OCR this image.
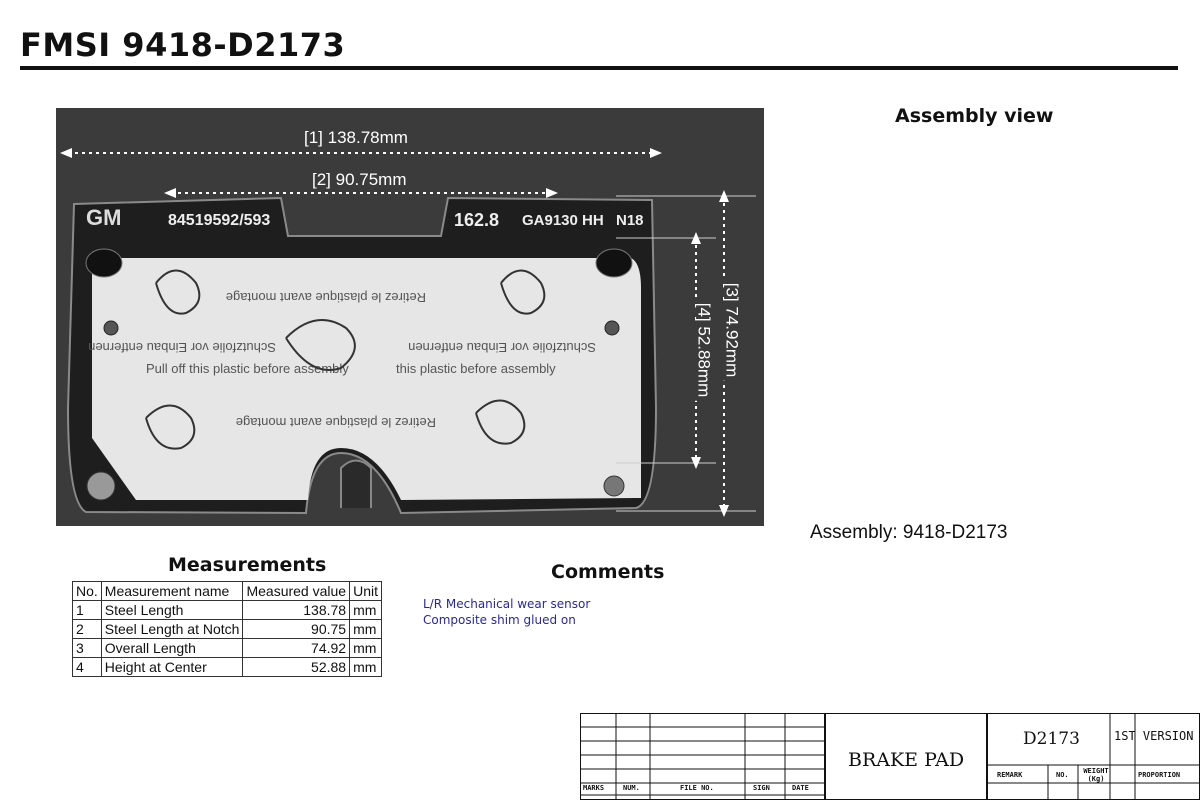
FMSI 9418-D2173
Retirez le plastique avant montage
Pull off this plastic before assembly	this plastic before assembly
Retirez le plastique avant montage
Schutzfolie vor Einbau entfernen	Schutzfolie vor Einbau entfernen
GM	84519592/593	162.8 GA9130 HH N18
[1] 138.78mm
[2] 90.75mm
[3] 74.92mm
[4] 52.88mm
Assembly view
Assembly: 9418-D2173
Measurements
No.	Measurement name	Measured value	Unit
1	Steel Length	138.78	mm
2	Steel Length at Notch	90.75	mm
3	Overall Length	74.92	mm
4	Height at Center	52.88	mm
Comments
L/R Mechanical wear sensor
Composite shim glued on
MARKS	NUM.	FILE NO.	SIGN	DATE
BRAKE PAD
D2173	1ST VERSION
REMARK	NO. WEIGHT (Kg)	PROPORTION
